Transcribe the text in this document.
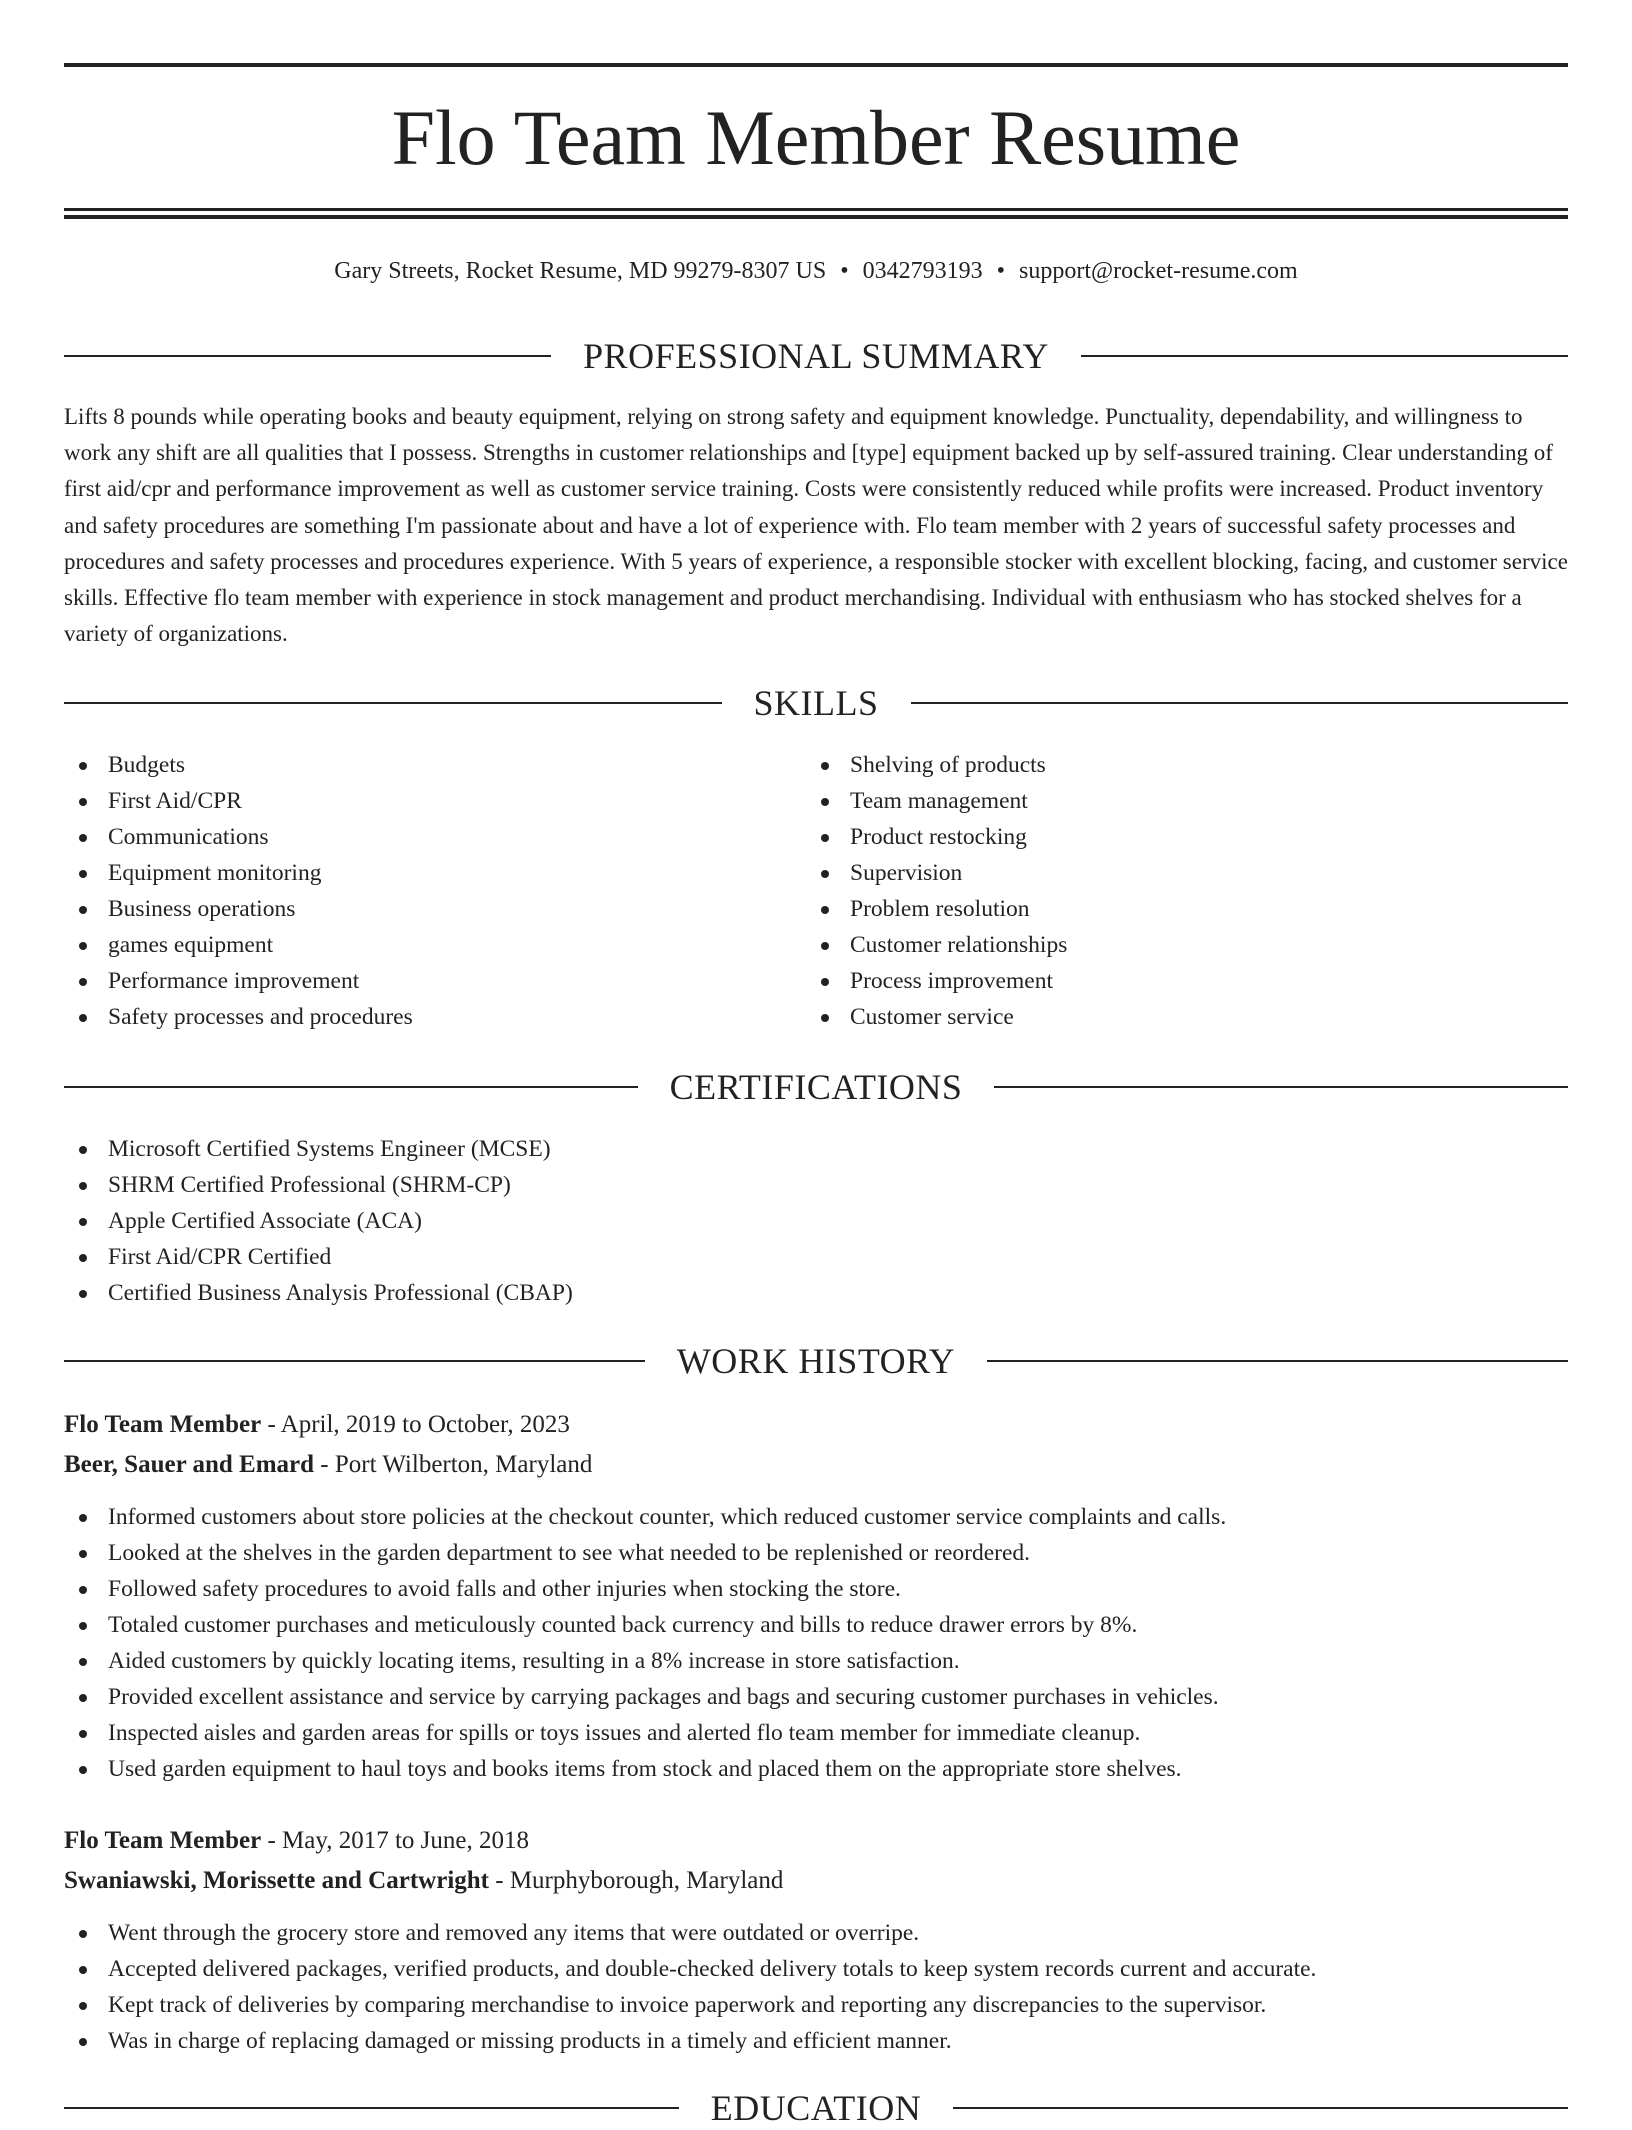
Flo Team Member Resume
Gary Streets, Rocket Resume, MD 99279-8307 US • 0342793193 • support@rocket-resume.com
PROFESSIONAL SUMMARY
Lifts 8 pounds while operating books and beauty equipment, relying on strong safety and equipment knowledge. Punctuality, dependability, and willingness to work any shift are all qualities that I possess. Strengths in customer relationships and [type] equipment backed up by self-assured training. Clear understanding of first aid/cpr and performance improvement as well as customer service training. Costs were consistently reduced while profits were increased. Product inventory and safety procedures are something I'm passionate about and have a lot of experience with. Flo team member with 2 years of successful safety processes and procedures and safety processes and procedures experience. With 5 years of experience, a responsible stocker with excellent blocking, facing, and customer service skills. Effective flo team member with experience in stock management and product merchandising. Individual with enthusiasm who has stocked shelves for a variety of organizations.
SKILLS
Budgets
First Aid/CPR
Communications
Equipment monitoring
Business operations
games equipment
Performance improvement
Safety processes and procedures
Shelving of products
Team management
Product restocking
Supervision
Problem resolution
Customer relationships
Process improvement
Customer service
CERTIFICATIONS
Microsoft Certified Systems Engineer (MCSE)
SHRM Certified Professional (SHRM-CP)
Apple Certified Associate (ACA)
First Aid/CPR Certified
Certified Business Analysis Professional (CBAP)
WORK HISTORY
Flo Team Member - April, 2019 to October, 2023
Beer, Sauer and Emard - Port Wilberton, Maryland
Informed customers about store policies at the checkout counter, which reduced customer service complaints and calls.
Looked at the shelves in the garden department to see what needed to be replenished or reordered.
Followed safety procedures to avoid falls and other injuries when stocking the store.
Totaled customer purchases and meticulously counted back currency and bills to reduce drawer errors by 8%.
Aided customers by quickly locating items, resulting in a 8% increase in store satisfaction.
Provided excellent assistance and service by carrying packages and bags and securing customer purchases in vehicles.
Inspected aisles and garden areas for spills or toys issues and alerted flo team member for immediate cleanup.
Used garden equipment to haul toys and books items from stock and placed them on the appropriate store shelves.
Flo Team Member - May, 2017 to June, 2018
Swaniawski, Morissette and Cartwright - Murphyborough, Maryland
Went through the grocery store and removed any items that were outdated or overripe.
Accepted delivered packages, verified products, and double-checked delivery totals to keep system records current and accurate.
Kept track of deliveries by comparing merchandise to invoice paperwork and reporting any discrepancies to the supervisor.
Was in charge of replacing damaged or missing products in a timely and efficient manner.
EDUCATION
